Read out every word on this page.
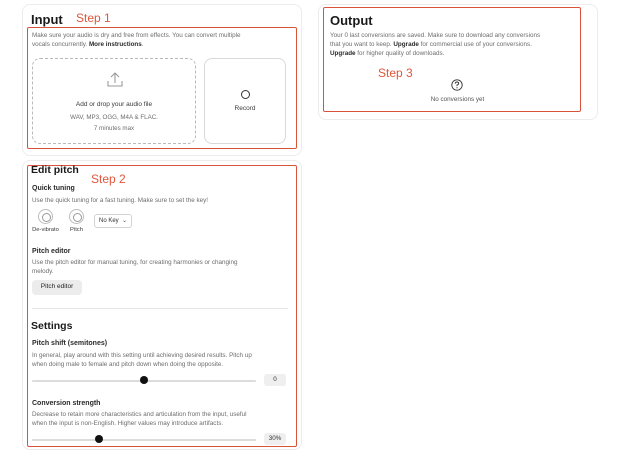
Input Step 1
Make sure your audio is dry and free from effects. You can convert multiple
vocals concurrently. More instructions.
Add or drop your audio file
WAV, MP3, OGG, M4A & FLAC.
7 minutes max
Record
Output
Your 0 last conversions are saved. Make sure to download any conversions
that you want to keep. Upgrade for commercial use of your conversions.
Upgrade for higher quality of downloads.
Step 3
No conversions yet
Edit pitch
Step 2
Quick tuning
Use the quick tuning for a fast tuning. Make sure to set the key!
De-vibrato	Pitch
No Key ⌄
Pitch editor
Use the pitch editor for manual tuning, for creating harmonies or changing
melody.
Pitch editor
Settings
Pitch shift (semitones)
In general, play around with this setting until achieving desired results. Pitch up
when doing male to female and pitch down when doing the opposite.
0
Conversion strength
Decrease to retain more characteristics and articulation from the input, useful
when the input is non-English. Higher values may introduce artifacts.
30%
